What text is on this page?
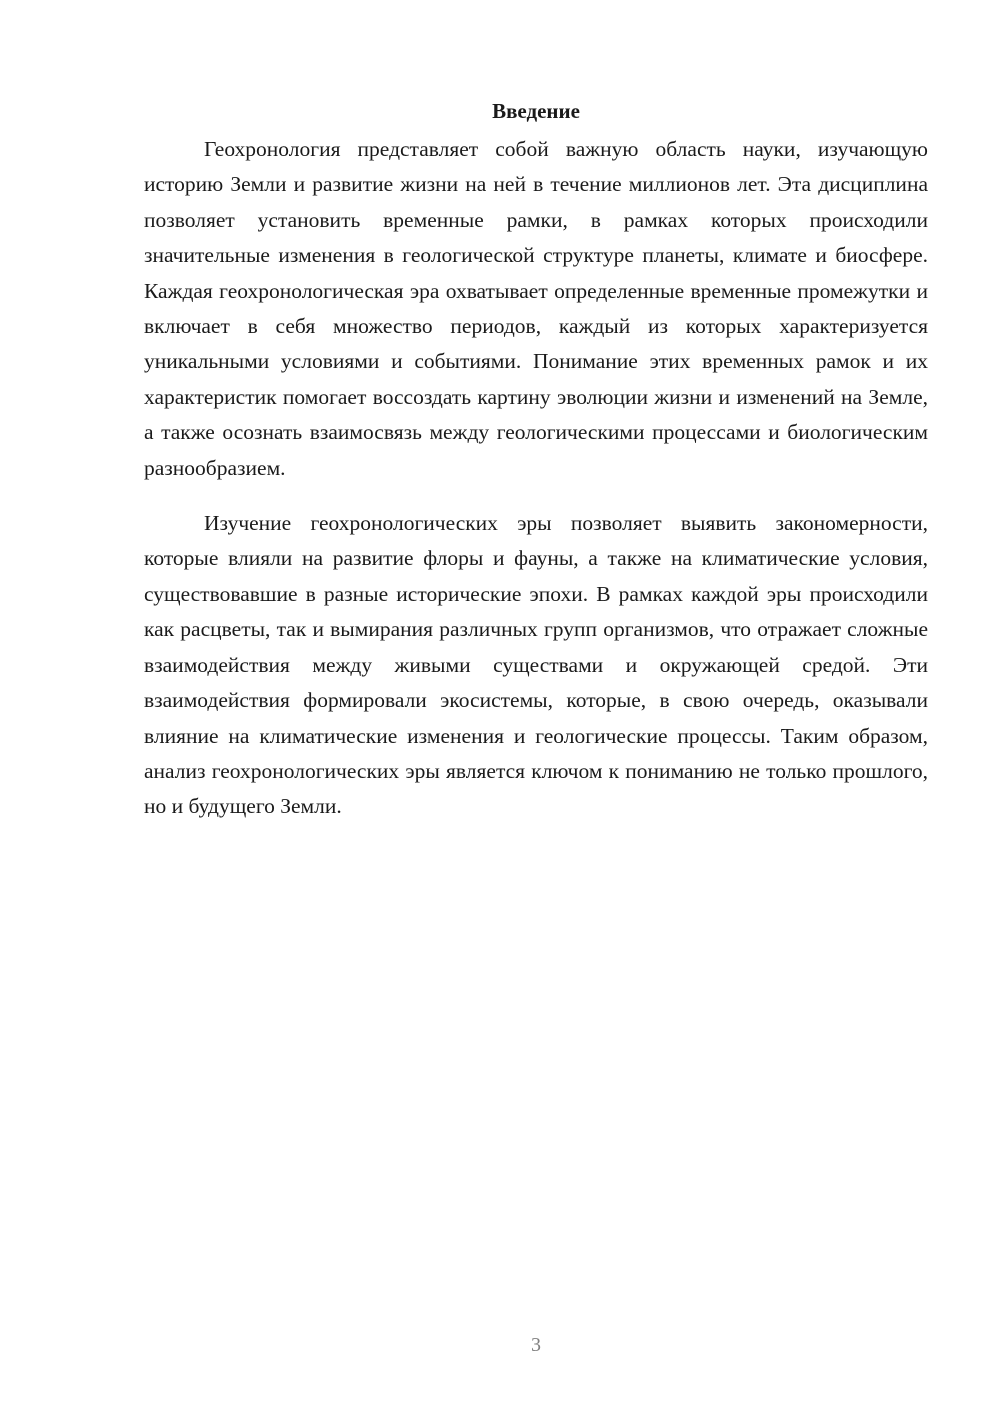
Введение

Геохронология представляет собой важную область науки, изучающую историю Земли и развитие жизни на ней в течение миллионов лет. Эта дисциплина позволяет установить временные рамки, в рамках которых происходили значительные изменения в геологической структуре планеты, климате и биосфере. Каждая геохронологическая эра охватывает определенные временные промежутки и включает в себя множество периодов, каждый из которых характеризуется уникальными условиями и событиями. Понимание этих временных рамок и их характеристик помогает воссоздать картину эволюции жизни и изменений на Земле, а также осознать взаимосвязь между геологическими процессами и биологическим разнообразием.

Изучение геохронологических эры позволяет выявить закономерности, которые влияли на развитие флоры и фауны, а также на климатические условия, существовавшие в разные исторические эпохи. В рамках каждой эры происходили как расцветы, так и вымирания различных групп организмов, что отражает сложные взаимодействия между живыми существами и окружающей средой. Эти взаимодействия формировали экосистемы, которые, в свою очередь, оказывали влияние на климатические изменения и геологические процессы. Таким образом, анализ геохронологических эры является ключом к пониманию не только прошлого, но и будущего Земли.

3
